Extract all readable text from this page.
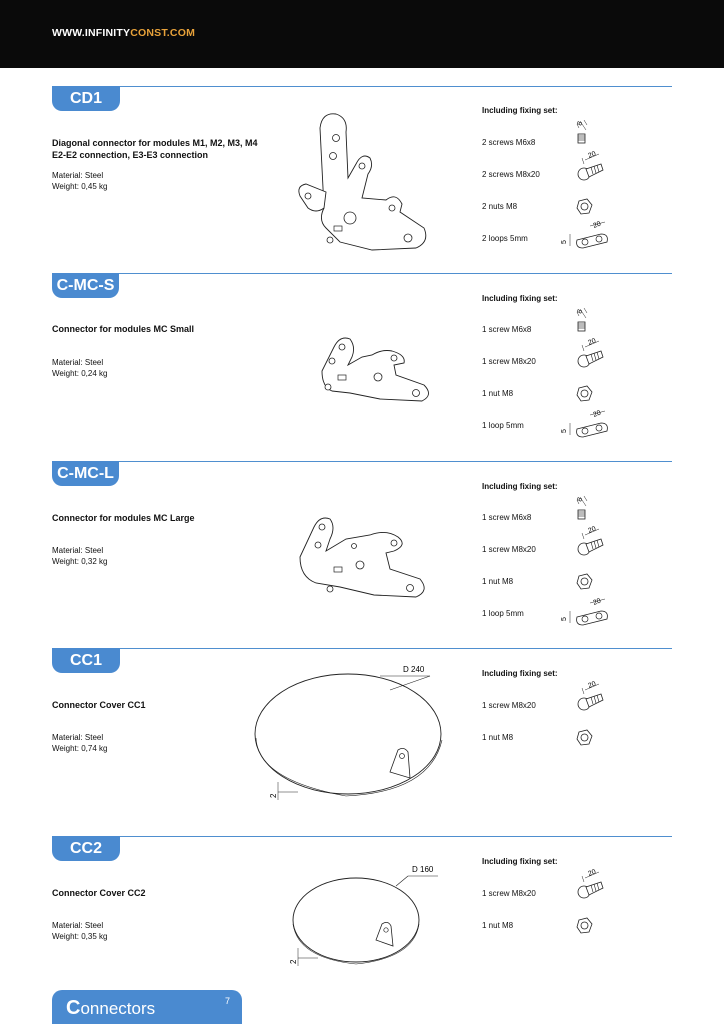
WWW.INFINITYCONST.COM
CD1
Diagonal connector for modules M1, M2, M3, M4
E2-E2 connection, E3-E3 connection
Material: Steel
Weight: 0,45 kg
Including fixing set:
2 screws M6x8
2 screws M8x20
2 nuts M8
2 loops 5mm
8
20
5
20
C-MC-S
Connector for modules MC Small
Material: Steel
Weight: 0,24 kg
Including fixing set:
1 screw M6x8
1 screw M8x20
1 nut M8
1 loop 5mm
8
20
5
20
C-MC-L
Connector for modules MC Large
Material: Steel
Weight: 0,32 kg
Including fixing set:
1 screw M6x8
1 screw M8x20
1 nut M8
1 loop 5mm
8
20
5
20
CC1
Connector Cover CC1
Material: Steel
Weight: 0,74 kg
D 240
2
Including fixing set:
1 screw M8x20
1 nut M8
20
CC2
Connector Cover CC2
Material: Steel
Weight: 0,35 kg
D 160
2
Including fixing set:
1 screw M8x20
1 nut M8
20
Connectors	7
